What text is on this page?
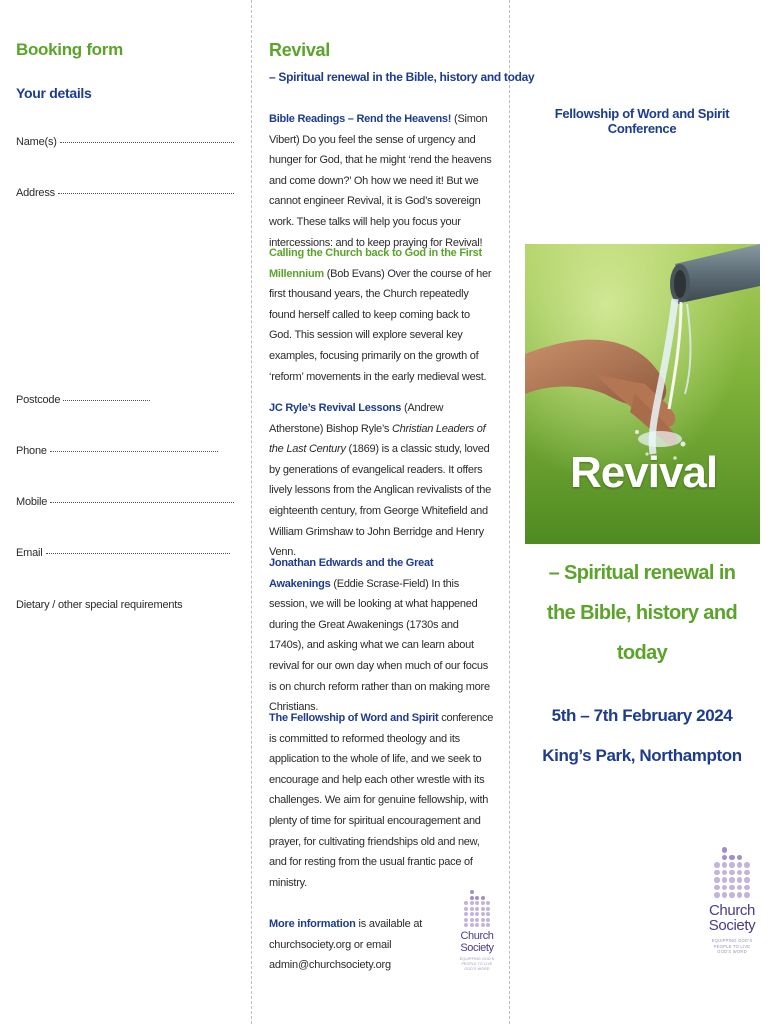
Booking form
Your details
Name(s)
Address
Postcode
Phone
Mobile
Email
Dietary / other special requirements
Revival
– Spiritual renewal in the Bible, history and today
Bible Readings – Rend the Heavens! (Simon Vibert) Do you feel the sense of urgency and hunger for God, that he might ‘rend the heavens and come down?’ Oh how we need it! But we cannot engineer Revival, it is God’s sovereign work. These talks will help you focus your intercessions: and to keep praying for Revival!
Calling the Church back to God in the First Millennium (Bob Evans) Over the course of her first thousand years, the Church repeatedly found herself called to keep coming back to God. This session will explore several key examples, focusing primarily on the growth of ‘reform’ movements in the early medieval west.
JC Ryle’s Revival Lessons (Andrew Atherstone) Bishop Ryle’s Christian Leaders of the Last Century (1869) is a classic study, loved by generations of evangelical readers. It offers lively lessons from the Anglican revivalists of the eighteenth century, from George Whitefield and William Grimshaw to John Berridge and Henry Venn.
Jonathan Edwards and the Great Awakenings (Eddie Scrase-Field) In this session, we will be looking at what happened during the Great Awakenings (1730s and 1740s), and asking what we can learn about revival for our own day when much of our focus is on church reform rather than on making more Christians.
The Fellowship of Word and Spirit conference is committed to reformed theology and its application to the whole of life, and we seek to encourage and help each other wrestle with its challenges. We aim for genuine fellowship, with plenty of time for spiritual encouragement and prayer, for cultivating friendships old and new, and for resting from the usual frantic pace of ministry.
More information is available at churchsociety.org or email admin@churchsociety.org
Church
Society
EQUIPPING GOD’S
PEOPLE TO LIVE
GOD’S WORD
Fellowship of Word and Spirit Conference
Revival
– Spiritual renewal in
the Bible, history and today
5th – 7th February 2024
King’s Park, Northampton
Church
Society
EQUIPPING GOD’S
PEOPLE TO LIVE
GOD’S WORD
